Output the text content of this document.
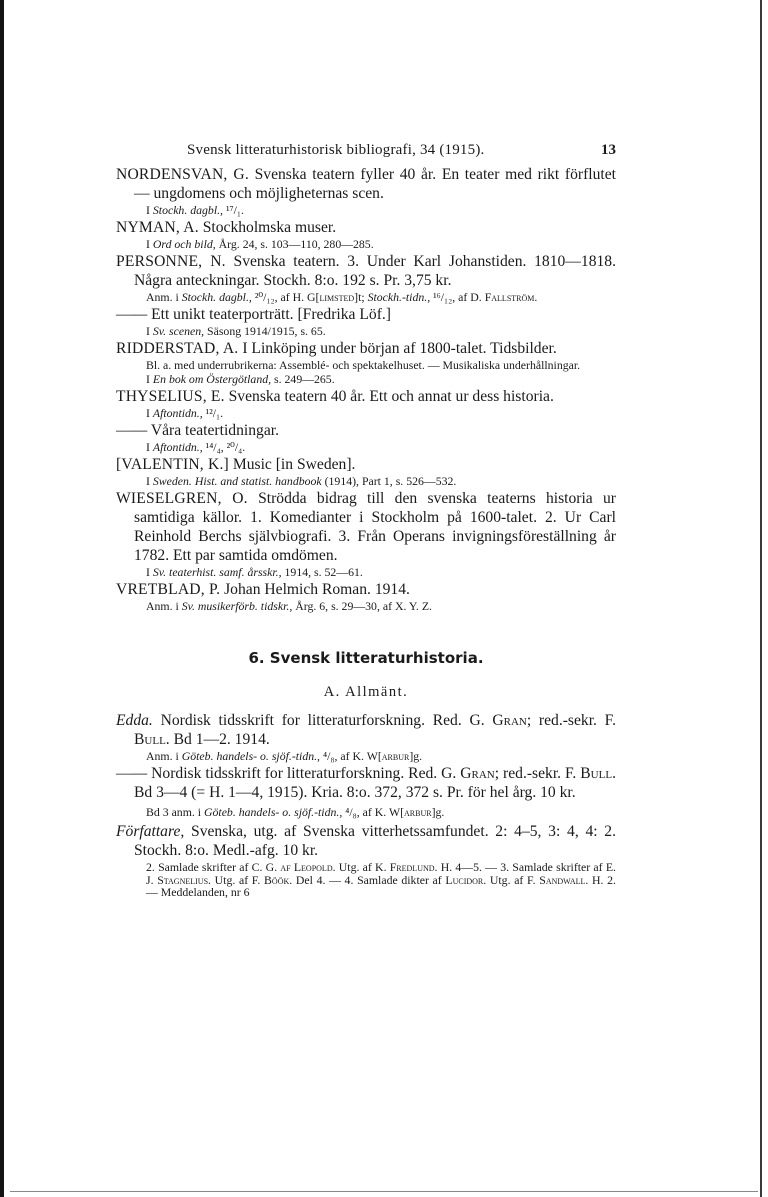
Svensk litteraturhistorisk bibliografi, 34 (1915).	13
NORDENSVAN, G. Svenska teatern fyller 40 år. En teater med rikt förflutet — ungdomens och möjligheternas scen.
I Stockh. dagbl., ¹⁷/₁.
NYMAN, A. Stockholmska muser.
I Ord och bild, Årg. 24, s. 103—110, 280—285.
PERSONNE, N. Svenska teatern. 3. Under Karl Johanstiden. 1810—1818. Några anteckningar. Stockh. 8:o. 192 s. Pr. 3,75 kr.
Anm. i Stockh. dagbl., ²⁰/₁₂, af H. G[limsted]t; Stockh.-tidn., ¹⁶/₁₂, af D. Fallström.
—— Ett unikt teaterporträtt. [Fredrika Löf.]
I Sv. scenen, Säsong 1914/1915, s. 65.
RIDDERSTAD, A. I Linköping under början af 1800-talet. Tidsbilder.
Bl. a. med underrubrikerna: Assemblé- och spektakelhuset. — Musikaliska underhållningar.
I En bok om Östergötland, s. 249—265.
THYSELIUS, E. Svenska teatern 40 år. Ett och annat ur dess historia.
I Aftontidn., ¹²/₁.
—— Våra teatertidningar.
I Aftontidn., ¹⁴/₄, ²⁰/₄.
[VALENTIN, K.] Music [in Sweden].
I Sweden. Hist. and statist. handbook (1914), Part 1, s. 526—532.
WIESELGREN, O. Strödda bidrag till den svenska teaterns historia ur samtidiga källor. 1. Komedianter i Stockholm på 1600-talet. 2. Ur Carl Reinhold Berchs självbiografi. 3. Från Operans invigningsföreställning år 1782. Ett par samtida omdömen.
I Sv. teaterhist. samf. årsskr., 1914, s. 52—61.
VRETBLAD, P. Johan Helmich Roman. 1914.
Anm. i Sv. musikerförb. tidskr., Årg. 6, s. 29—30, af X. Y. Z.
6. Svensk litteraturhistoria.
A. Allmänt.
Edda. Nordisk tidsskrift for litteraturforskning. Red. G. Gran; red.-sekr. F. Bull. Bd 1—2. 1914.
Anm. i Göteb. handels- o. sjöf.-tidn., ⁴/₈, af K. W[arbur]g.
—— Nordisk tidsskrift for litteraturforskning. Red. G. Gran; red.-sekr. F. Bull. Bd 3—4 (= H. 1—4, 1915). Kria. 8:o. 372, 372 s. Pr. för hel årg. 10 kr.
Bd 3 anm. i Göteb. handels- o. sjöf.-tidn., ⁴/₈, af K. W[arbur]g.
Författare, Svenska, utg. af Svenska vitterhetssamfundet. 2: 4–5, 3: 4, 4: 2. Stockh. 8:o. Medl.-afg. 10 kr.
2. Samlade skrifter af C. G. af Leopold. Utg. af K. Fredlund. H. 4—5. — 3. Samlade skrifter af E. J. Stagnelius. Utg. af F. Böök. Del 4. — 4. Samlade dikter af Lucidor. Utg. af F. Sandwall. H. 2. — Meddelanden, nr 6
